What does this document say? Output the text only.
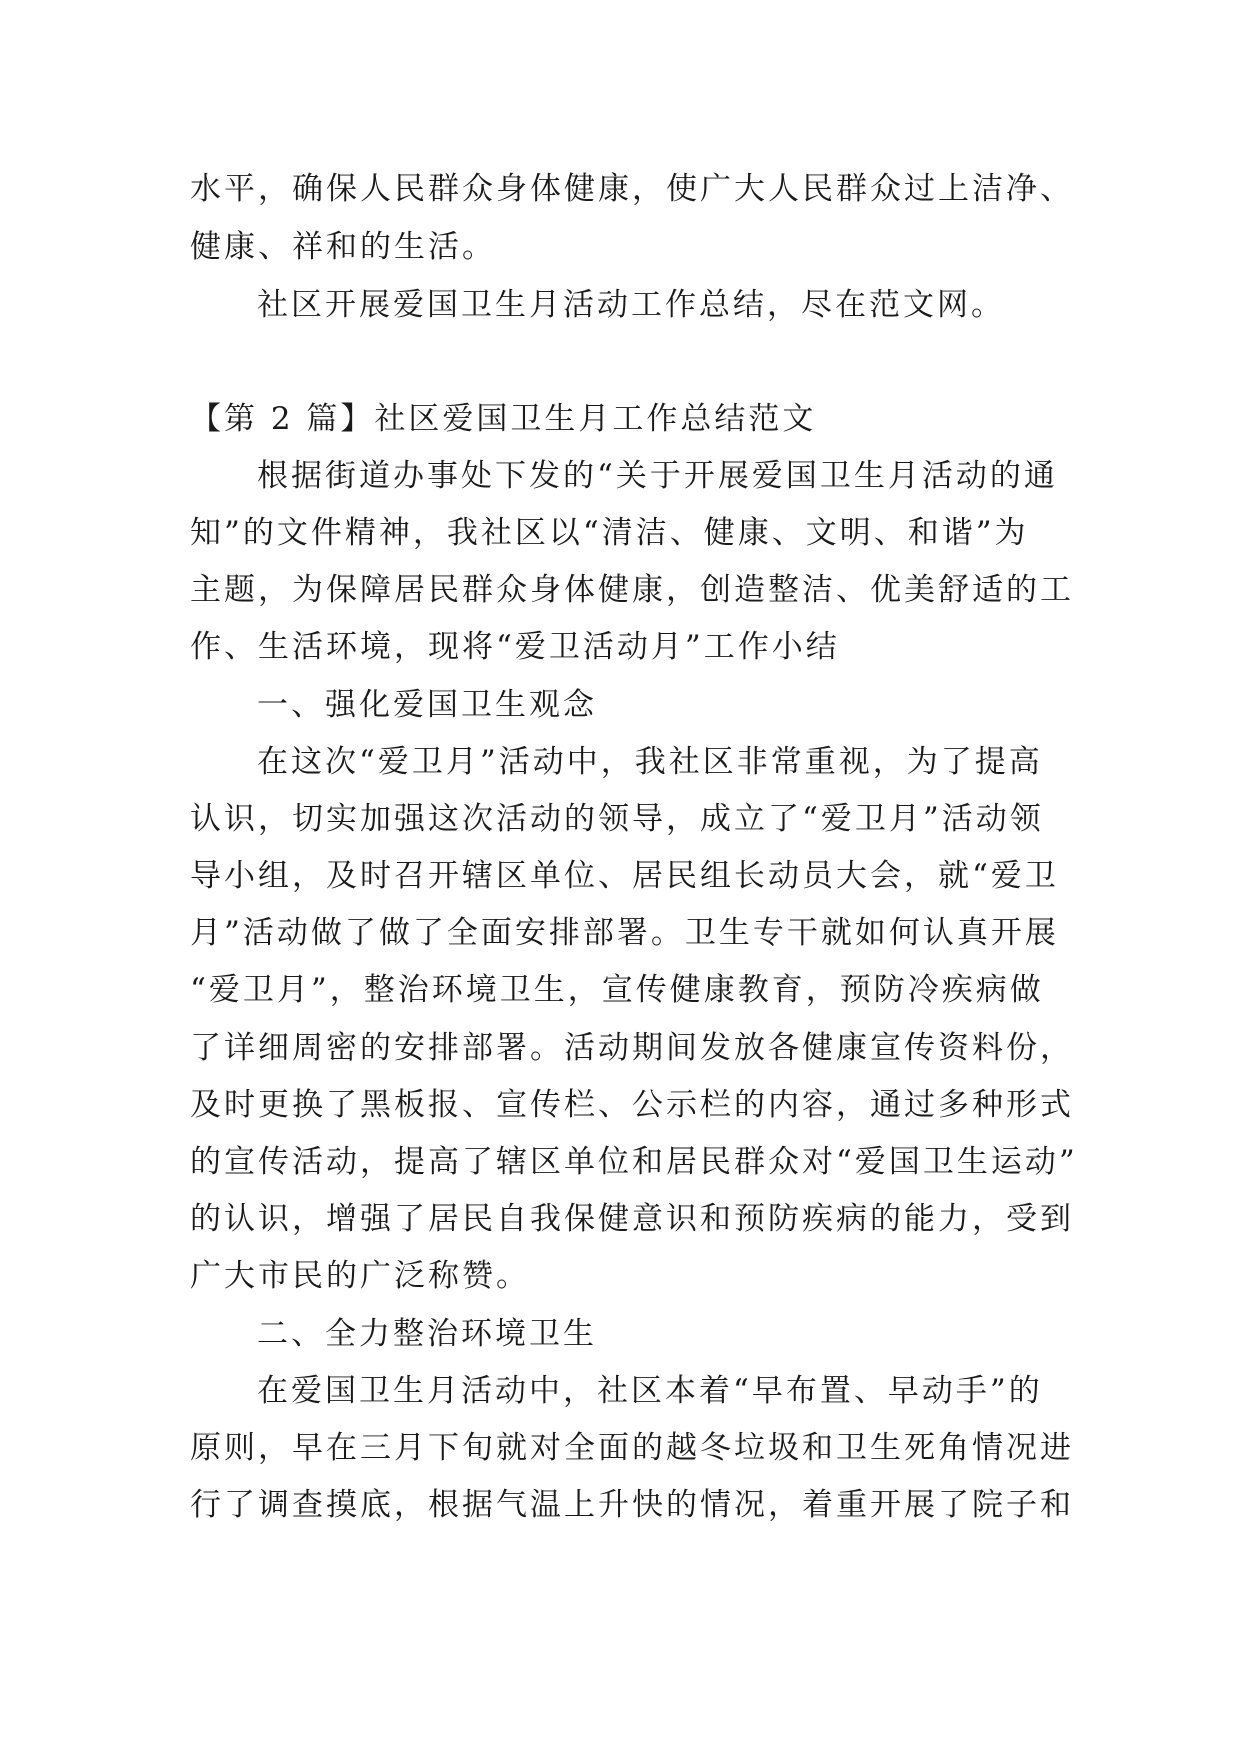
水平，确保人民群众身体健康，使广大人民群众过上洁净、
健康、祥和的生活。
社区开展爱国卫生月活动工作总结，尽在范文网。
【第 2 篇】社区爱国卫生月工作总结范文
根据街道办事处下发的“关于开展爱国卫生月活动的通
知”的文件精神，我社区以“清洁、健康、文明、和谐”为
主题，为保障居民群众身体健康，创造整洁、优美舒适的工
作、生活环境，现将“爱卫活动月”工作小结
一、强化爱国卫生观念
在这次“爱卫月”活动中，我社区非常重视，为了提高
认识，切实加强这次活动的领导，成立了“爱卫月”活动领
导小组，及时召开辖区单位、居民组长动员大会，就“爱卫
月”活动做了做了全面安排部署。卫生专干就如何认真开展
“爱卫月”，整治环境卫生，宣传健康教育，预防冷疾病做
了详细周密的安排部署。活动期间发放各健康宣传资料份，
及时更换了黑板报、宣传栏、公示栏的内容，通过多种形式
的宣传活动，提高了辖区单位和居民群众对“爱国卫生运动”
的认识，增强了居民自我保健意识和预防疾病的能力，受到
广大市民的广泛称赞。
二、全力整治环境卫生
在爱国卫生月活动中，社区本着“早布置、早动手”的
原则，早在三月下旬就对全面的越冬垃圾和卫生死角情况进
行了调查摸底，根据气温上升快的情况，着重开展了院子和
